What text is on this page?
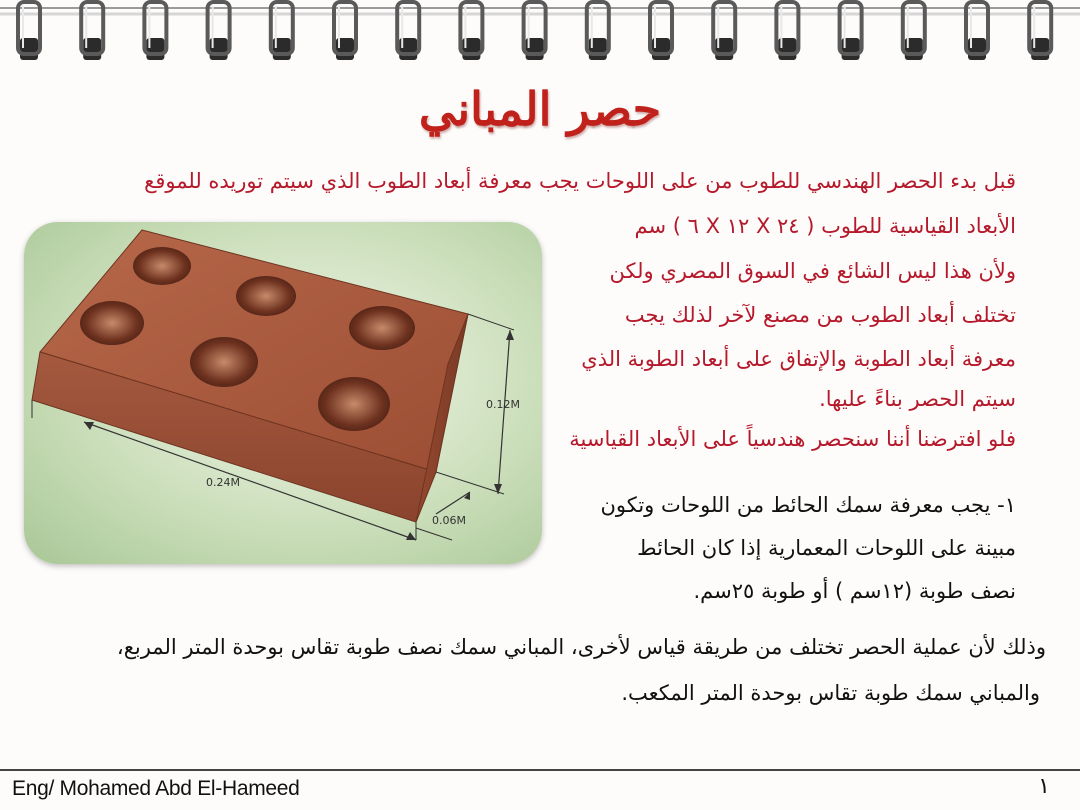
حصر المباني
قبل بدء الحصر الهندسي للطوب من على اللوحات يجب معرفة أبعاد الطوب الذي سيتم توريده للموقع
الأبعاد القياسية للطوب ( ٢٤ X ١٢ X ٦ ) سم
ولأن هذا ليس الشائع في السوق المصري ولكن
تختلف أبعاد الطوب من مصنع لآخر لذلك يجب
معرفة أبعاد الطوبة والإتفاق على أبعاد الطوبة الذي
سيتم الحصر بناءً عليها.
فلو افترضنا أننا سنحصر هندسياً على الأبعاد القياسية
١- يجب معرفة سمك الحائط من اللوحات وتكون
مبينة على اللوحات المعمارية إذا كان الحائط
نصف طوبة (١٢سم ) أو طوبة ٢٥سم.
وذلك لأن عملية الحصر تختلف من طريقة قياس لأخرى، المباني سمك نصف طوبة تقاس بوحدة المتر المربع،
والمباني سمك طوبة تقاس بوحدة المتر المكعب.
0.12M
0.24M
0.06M
Eng/ Mohamed Abd El-Hameed	١
